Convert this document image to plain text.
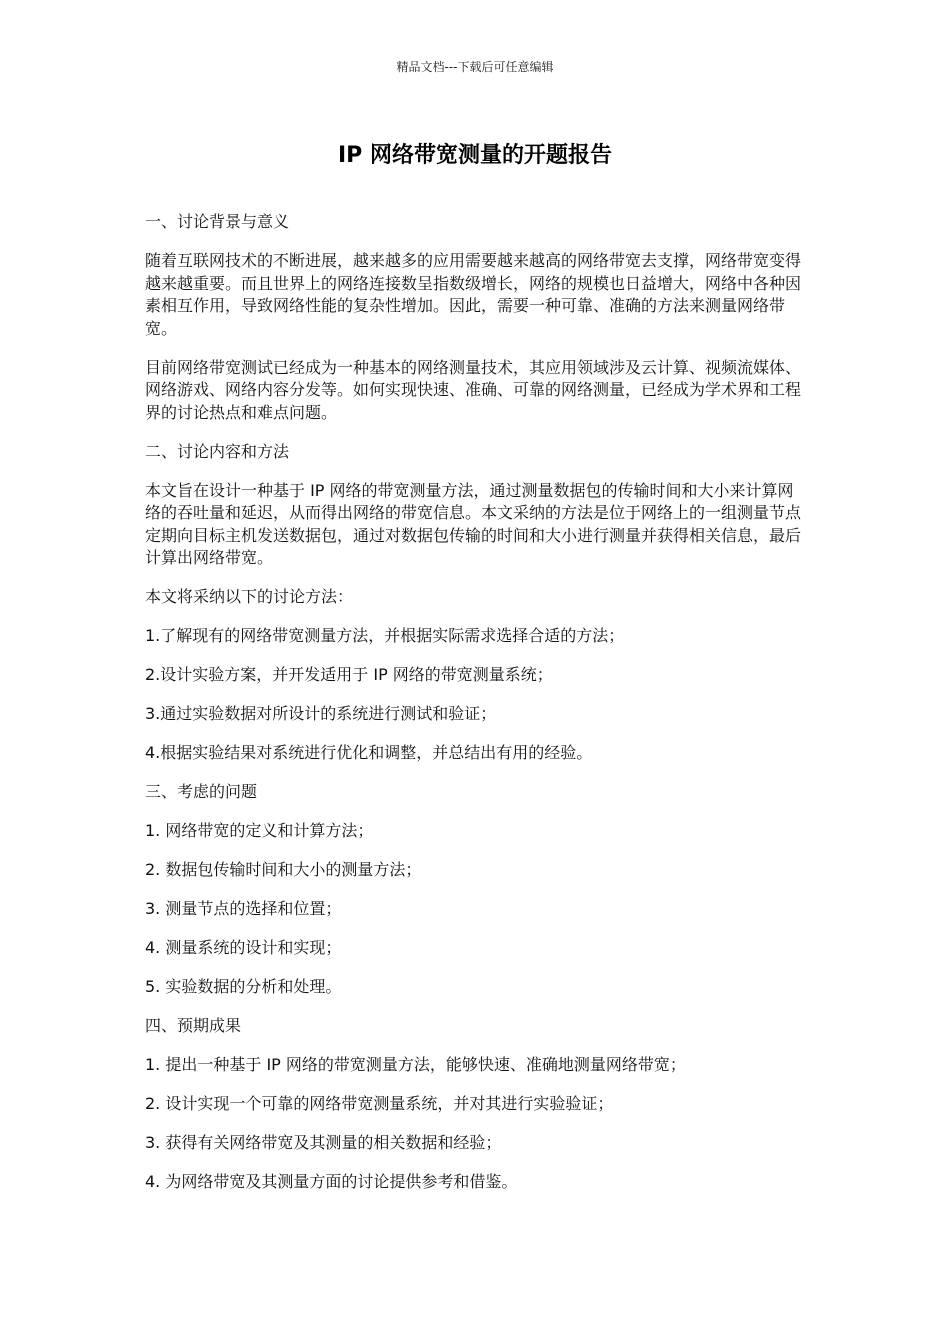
精品文档---下载后可任意编辑
IP 网络带宽测量的开题报告

一、讨论背景与意义

随着互联网技术的不断进展，越来越多的应用需要越来越高的网络带宽去支撑，网络带宽变得越来越重要。而且世界上的网络连接数呈指数级增长，网络的规模也日益增大，网络中各种因素相互作用，导致网络性能的复杂性增加。因此，需要一种可靠、准确的方法来测量网络带宽。

目前网络带宽测试已经成为一种基本的网络测量技术，其应用领域涉及云计算、视频流媒体、网络游戏、网络内容分发等。如何实现快速、准确、可靠的网络测量，已经成为学术界和工程界的讨论热点和难点问题。

二、讨论内容和方法

本文旨在设计一种基于 IP 网络的带宽测量方法，通过测量数据包的传输时间和大小来计算网络的吞吐量和延迟，从而得出网络的带宽信息。本文采纳的方法是位于网络上的一组测量节点定期向目标主机发送数据包，通过对数据包传输的时间和大小进行测量并获得相关信息，最后计算出网络带宽。

本文将采纳以下的讨论方法：

1.了解现有的网络带宽测量方法，并根据实际需求选择合适的方法；

2.设计实验方案，并开发适用于 IP 网络的带宽测量系统；

3.通过实验数据对所设计的系统进行测试和验证；

4.根据实验结果对系统进行优化和调整，并总结出有用的经验。

三、考虑的问题

1. 网络带宽的定义和计算方法；

2. 数据包传输时间和大小的测量方法；

3. 测量节点的选择和位置；

4. 测量系统的设计和实现；

5. 实验数据的分析和处理。

四、预期成果

1. 提出一种基于 IP 网络的带宽测量方法，能够快速、准确地测量网络带宽；

2. 设计实现一个可靠的网络带宽测量系统，并对其进行实验验证；

3. 获得有关网络带宽及其测量的相关数据和经验；

4. 为网络带宽及其测量方面的讨论提供参考和借鉴。
